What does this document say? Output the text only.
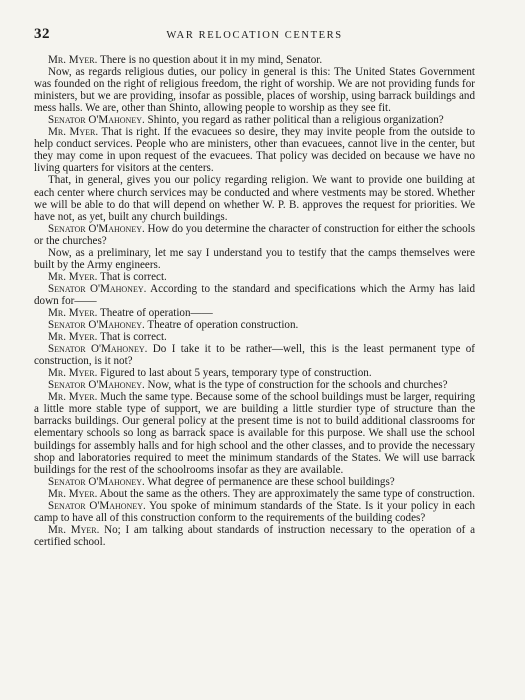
32	WAR RELOCATION CENTERS

Mr. Myer. There is no question about it in my mind, Senator.

Now, as regards religious duties, our policy in general is this: The United States Government was founded on the right of religious freedom, the right of worship. We are not providing funds for ministers, but we are providing, insofar as possible, places of worship, using barrack buildings and mess halls. We are, other than Shinto, allowing people to worship as they see fit.

Senator O'Mahoney. Shinto, you regard as rather political than a religious organization?

Mr. Myer. That is right. If the evacuees so desire, they may invite people from the outside to help conduct services. People who are ministers, other than evacuees, cannot live in the center, but they may come in upon request of the evacuees. That policy was decided on because we have no living quarters for visitors at the centers.

That, in general, gives you our policy regarding religion. We want to provide one building at each center where church services may be conducted and where vestments may be stored. Whether we will be able to do that will depend on whether W. P. B. approves the request for priorities. We have not, as yet, built any church buildings.

Senator O'Mahoney. How do you determine the character of construction for either the schools or the churches?

Now, as a preliminary, let me say I understand you to testify that the camps themselves were built by the Army engineers.

Mr. Myer. That is correct.

Senator O'Mahoney. According to the standard and specifications which the Army has laid down for——

Mr. Myer. Theatre of operation——

Senator O'Mahoney. Theatre of operation construction.

Mr. Myer. That is correct.

Senator O'Mahoney. Do I take it to be rather—well, this is the least permanent type of construction, is it not?

Mr. Myer. Figured to last about 5 years, temporary type of construction.

Senator O'Mahoney. Now, what is the type of construction for the schools and churches?

Mr. Myer. Much the same type. Because some of the school buildings must be larger, requiring a little more stable type of support, we are building a little sturdier type of structure than the barracks buildings. Our general policy at the present time is not to build additional classrooms for elementary schools so long as barrack space is available for this purpose. We shall use the school buildings for assembly halls and for high school and the other classes, and to provide the necessary shop and laboratories required to meet the minimum standards of the States. We will use barrack buildings for the rest of the schoolrooms insofar as they are available.

Senator O'Mahoney. What degree of permanence are these school buildings?

Mr. Myer. About the same as the others. They are approximately the same type of construction.

Senator O'Mahoney. You spoke of minimum standards of the State. Is it your policy in each camp to have all of this construction conform to the requirements of the building codes?

Mr. Myer. No; I am talking about standards of instruction necessary to the operation of a certified school.
